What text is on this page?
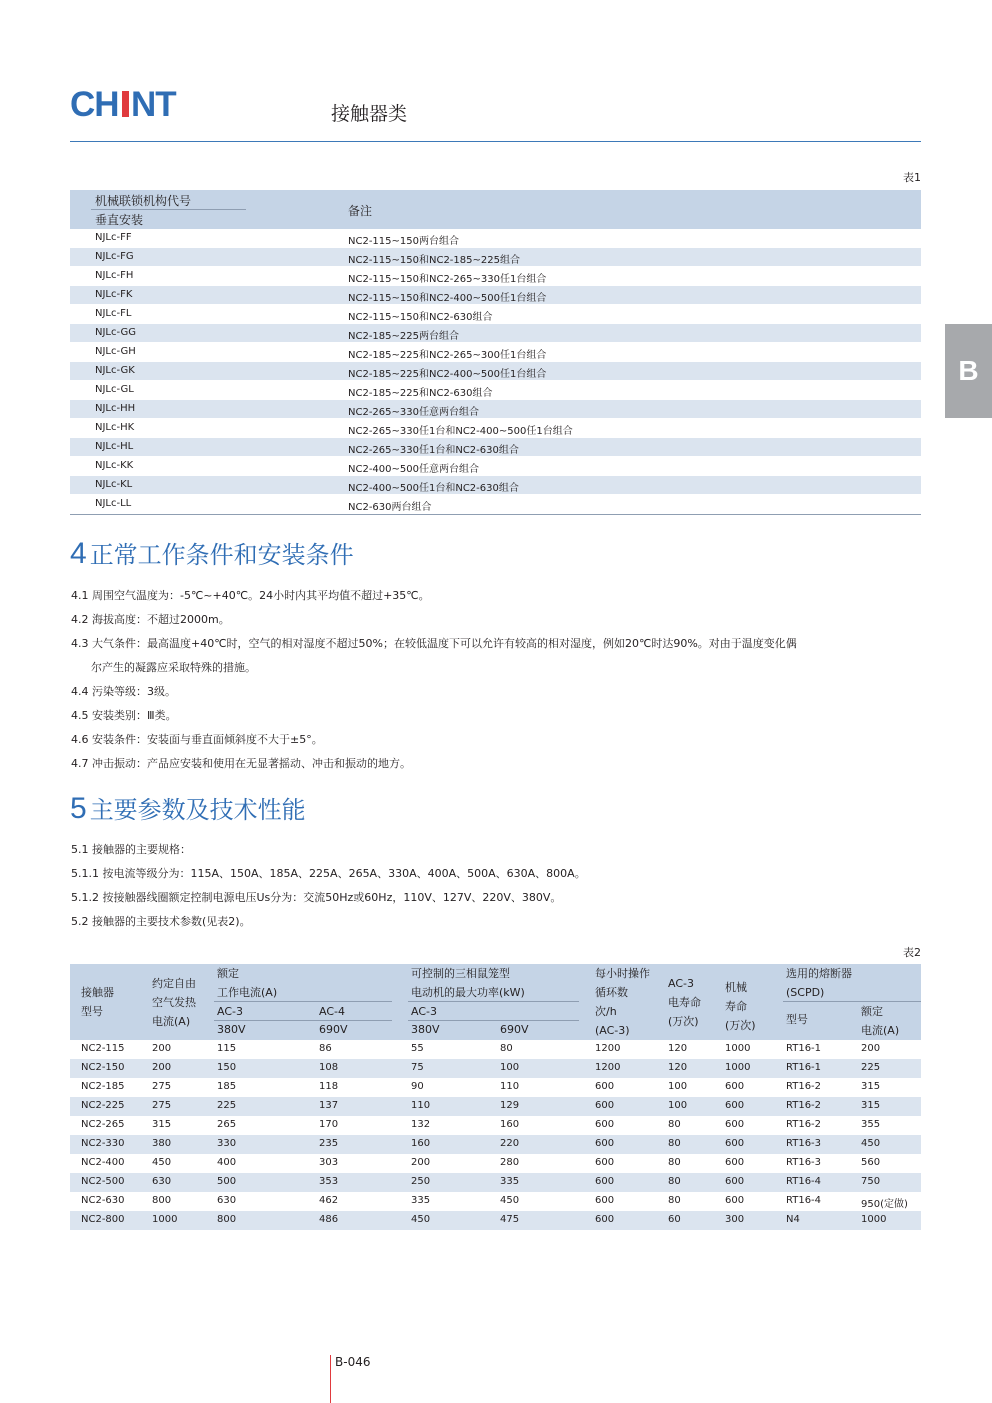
CH NT	接触器类
B
表1
机械联锁机构代号
垂直安装
备注
NJLc-FF	NC2-115~150两台组合
NJLc-FG	NC2-115~150和NC2-185~225组合
NJLc-FH	NC2-115~150和NC2-265~330任1台组合
NJLc-FK	NC2-115~150和NC2-400~500任1台组合
NJLc-FL	NC2-115~150和NC2-630组合
NJLc-GG	NC2-185~225两台组合
NJLc-GH	NC2-185~225和NC2-265~300任1台组合
NJLc-GK	NC2-185~225和NC2-400~500任1台组合
NJLc-GL	NC2-185~225和NC2-630组合
NJLc-HH	NC2-265~330任意两台组合
NJLc-HK	NC2-265~330任1台和NC2-400~500任1台组合
NJLc-HL	NC2-265~330任1台和NC2-630组合
NJLc-KK	NC2-400~500任意两台组合
NJLc-KL	NC2-400~500任1台和NC2-630组合
NJLc-LL	NC2-630两台组合
4 正常工作条件和安装条件
4.1 周围空气温度为：-5℃~+40℃。24小时内其平均值不超过+35℃。
4.2 海拔高度：不超过2000m。
4.3 大气条件：最高温度+40℃时，空气的相对湿度不超过50%；在较低温度下可以允许有较高的相对湿度，例如20℃时达90%。对由于温度变化偶
尔产生的凝露应采取特殊的措施。
4.4 污染等级：3级。
4.5 安装类别：Ⅲ类。
4.6 安装条件：安装面与垂直面倾斜度不大于±5°。
4.7 冲击振动：产品应安装和使用在无显著摇动、冲击和振动的地方。
5 主要参数及技术性能
5.1 接触器的主要规格：
5.1.1 按电流等级分为：115A、150A、185A、225A、265A、330A、400A、500A、630A、800A。
5.1.2 按接触器线圈额定控制电源电压Us分为：交流50Hz或60Hz，110V、127V、220V、380V。
5.2 接触器的主要技术参数(见表2)。
表2
接触器
型号
约定自由
空气发热
电流(A)
额定
工作电流(A)
AC-3	AC-4
380V	690V
可控制的三相鼠笼型
电动机的最大功率(kW)
AC-3
380V	690V
每小时操作
循环数
次/h
(AC-3)
AC-3
电寿命
(万次)
机械
寿命
(万次)
选用的熔断器
(SCPD)
型号
额定
电流(A)
NC2-115	200	115	86	55	80	1200	120	1000	RT16-1	200
NC2-150	200	150	108	75	100	1200	120	1000	RT16-1	225
NC2-185	275	185	118	90	110	600	100	600	RT16-2	315
NC2-225	275	225	137	110	129	600	100	600	RT16-2	315
NC2-265	315	265	170	132	160	600	80	600	RT16-2	355
NC2-330	380	330	235	160	220	600	80	600	RT16-3	450
NC2-400	450	400	303	200	280	600	80	600	RT16-3	560
NC2-500	630	500	353	250	335	600	80	600	RT16-4	750
NC2-630	800	630	462	335	450	600	80	600	RT16-4	950(定做)
NC2-800	1000	800	486	450	475	600	60	300	N4	1000
B-046
